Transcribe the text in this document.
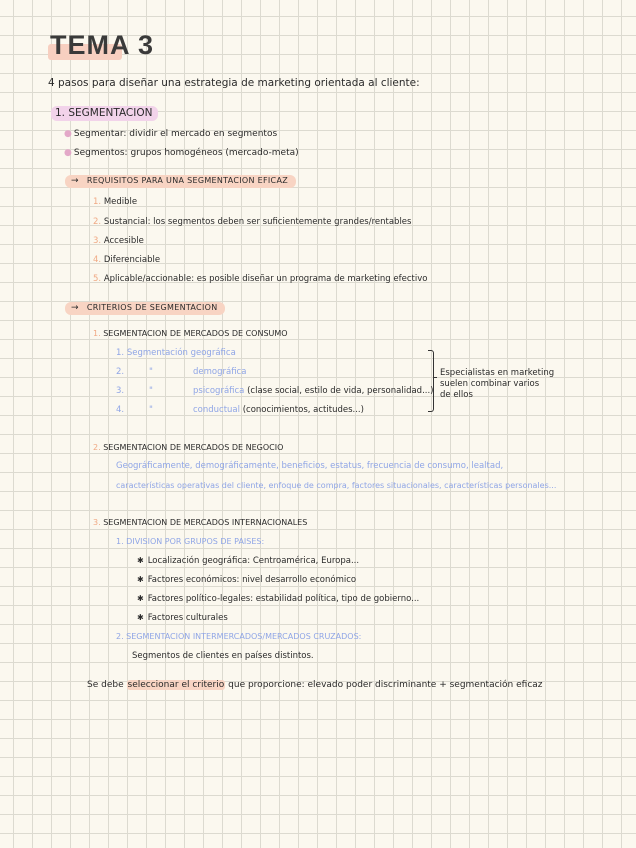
TEMA 3
4 pasos para diseñar una estrategia de marketing orientada al cliente:
1. SEGMENTACION
● Segmentar: dividir el mercado en segmentos
● Segmentos: grupos homogéneos (mercado-meta)
→ REQUISITOS PARA UNA SEGMENTACION EFICAZ
1. Medible
2. Sustancial: los segmentos deben ser suficientemente grandes/rentables
3. Accesible
4. Diferenciable
5. Aplicable/accionable: es posible diseñar un programa de marketing efectivo
→ CRITERIOS DE SEGMENTACION
1. SEGMENTACION DE MERCADOS DE CONSUMO
1. Segmentación geográfica
2.	"	demográfica
3.	"	psicográfica (clase social, estilo de vida, personalidad...)
4.	"	conductual (conocimientos, actitudes...)
Especialistas en marketing
suelen combinar varios
de ellos
2. SEGMENTACION DE MERCADOS DE NEGOCIO
Geográficamente, demográficamente, beneficios, estatus, frecuencia de consumo, lealtad,
características operativas del cliente, enfoque de compra, factores situacionales, características personales...
3. SEGMENTACION DE MERCADOS INTERNACIONALES
1. DIVISION POR GRUPOS DE PAISES:
✱ Localización geográfica: Centroamérica, Europa...
✱ Factores económicos: nivel desarrollo económico
✱ Factores político-legales: estabilidad política, tipo de gobierno...
✱ Factores culturales
2. SEGMENTACION INTERMERCADOS/MERCADOS CRUZADOS:
Segmentos de clientes en países distintos.
Se debe seleccionar el criterio que proporcione: elevado poder discriminante + segmentación eficaz
